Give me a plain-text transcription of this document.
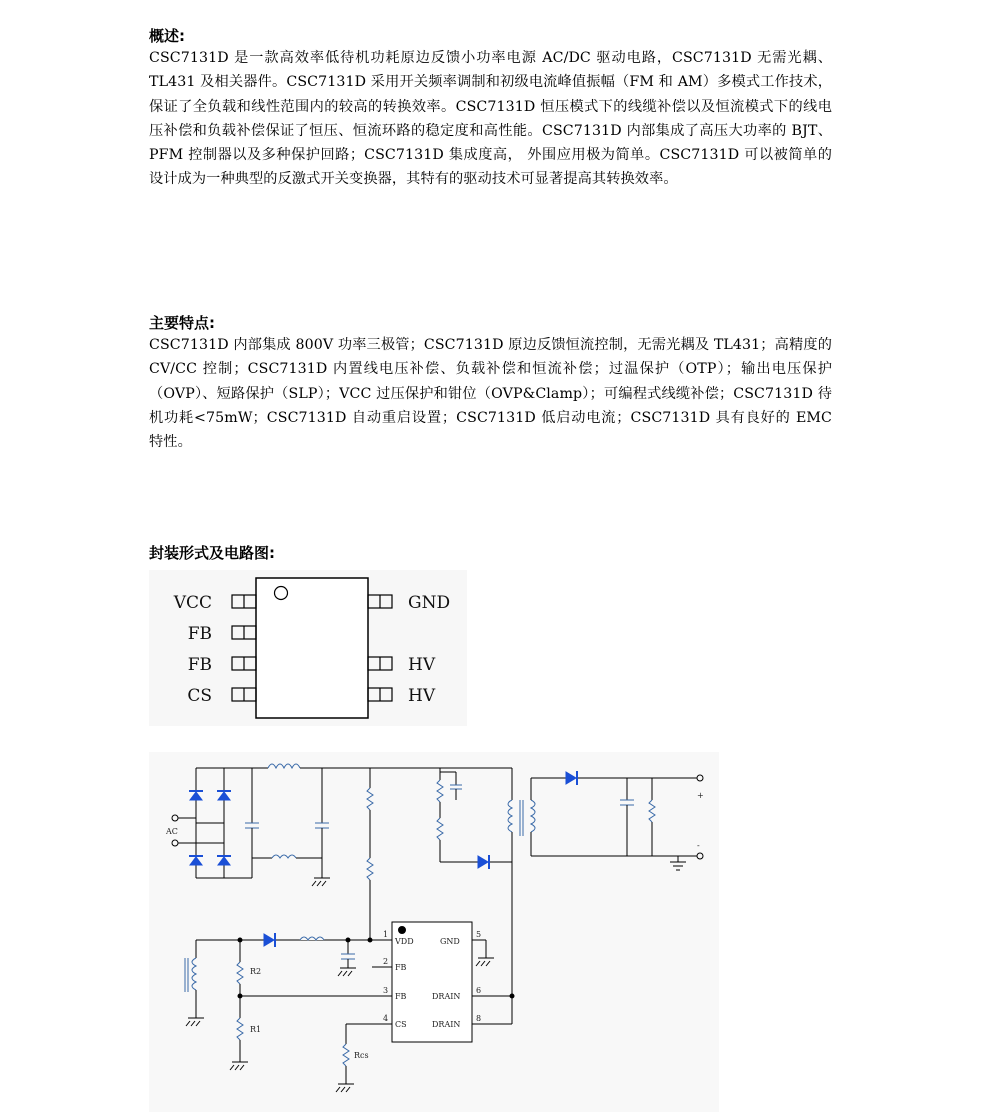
概述:
CSC7131D 是一款高效率低待机功耗原边反馈小功率电源 AC/DC 驱动电路，CSC7131D 无需光耦、TL431 及相关器件。CSC7131D 采用开关频率调制和初级电流峰值振幅（FM 和 AM）多模式工作技术，保证了全负载和线性范围内的较高的转换效率。CSC7131D 恒压模式下的线缆补偿以及恒流模式下的线电压补偿和负载补偿保证了恒压、恒流环路的稳定度和高性能。CSC7131D 内部集成了高压大功率的 BJT、PFM 控制器以及多种保护回路；CSC7131D 集成度高， 外围应用极为简单。CSC7131D 可以被简单的设计成为一种典型的反激式开关变换器，其特有的驱动技术可显著提高其转换效率。
主要特点:
CSC7131D 内部集成 800V 功率三极管；CSC7131D 原边反馈恒流控制，无需光耦及 TL431；高精度的 CV/CC 控制；CSC7131D 内置线电压补偿、负载补偿和恒流补偿；过温保护（OTP）；输出电压保护（OVP）、短路保护（SLP）；VCC 过压保护和钳位（OVP&Clamp）；可编程式线缆补偿；CSC7131D 待机功耗<75mW；CSC7131D 自动重启设置；CSC7131D 低启动电流；CSC7131D 具有良好的 EMC 特性。
封装形式及电路图:
VCC
FB
FB
CS
GND
HV
HV
AC
+
-
VDD
FB
FB
CS
GND
DRAIN
DRAIN
1
2
3
4
5
6
8
R2
R1
Rcs
